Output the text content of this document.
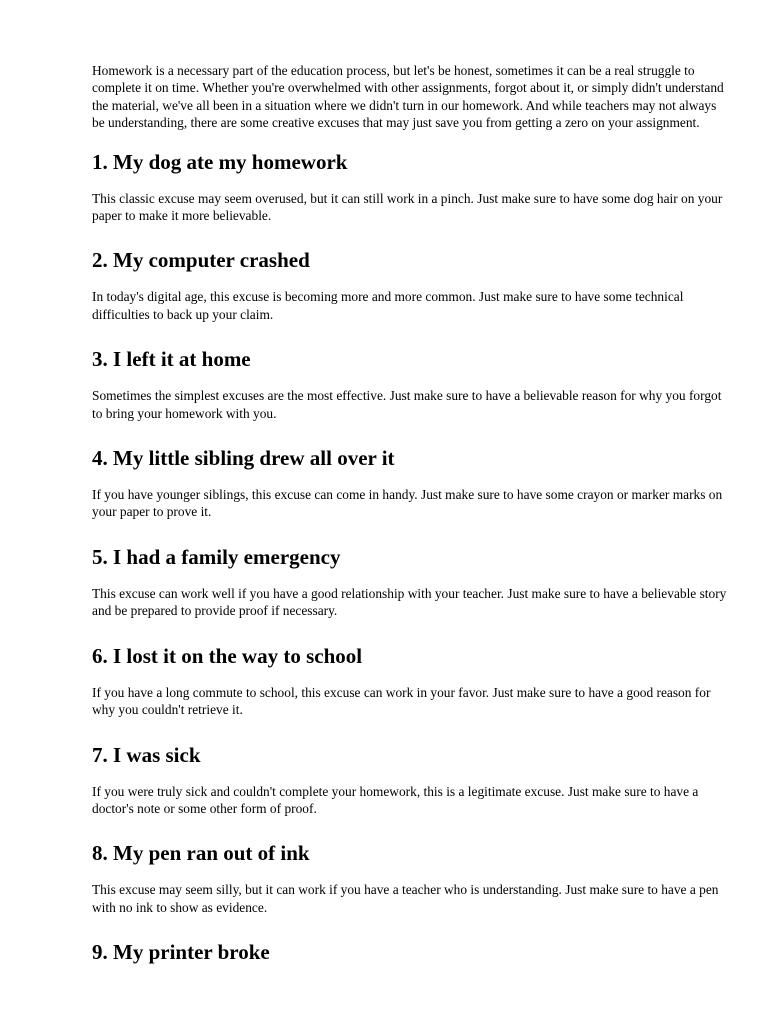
Homework is a necessary part of the education process, but let's be honest, sometimes it can be a real struggle to complete it on time. Whether you're overwhelmed with other assignments, forgot about it, or simply didn't understand the material, we've all been in a situation where we didn't turn in our homework. And while teachers may not always be understanding, there are some creative excuses that may just save you from getting a zero on your assignment.

1. My dog ate my homework

This classic excuse may seem overused, but it can still work in a pinch. Just make sure to have some dog hair on your paper to make it more believable.

2. My computer crashed

In today's digital age, this excuse is becoming more and more common. Just make sure to have some technical difficulties to back up your claim.

3. I left it at home

Sometimes the simplest excuses are the most effective. Just make sure to have a believable reason for why you forgot to bring your homework with you.

4. My little sibling drew all over it

If you have younger siblings, this excuse can come in handy. Just make sure to have some crayon or marker marks on your paper to prove it.

5. I had a family emergency

This excuse can work well if you have a good relationship with your teacher. Just make sure to have a believable story and be prepared to provide proof if necessary.

6. I lost it on the way to school

If you have a long commute to school, this excuse can work in your favor. Just make sure to have a good reason for why you couldn't retrieve it.

7. I was sick

If you were truly sick and couldn't complete your homework, this is a legitimate excuse. Just make sure to have a doctor's note or some other form of proof.

8. My pen ran out of ink

This excuse may seem silly, but it can work if you have a teacher who is understanding. Just make sure to have a pen with no ink to show as evidence.

9. My printer broke
